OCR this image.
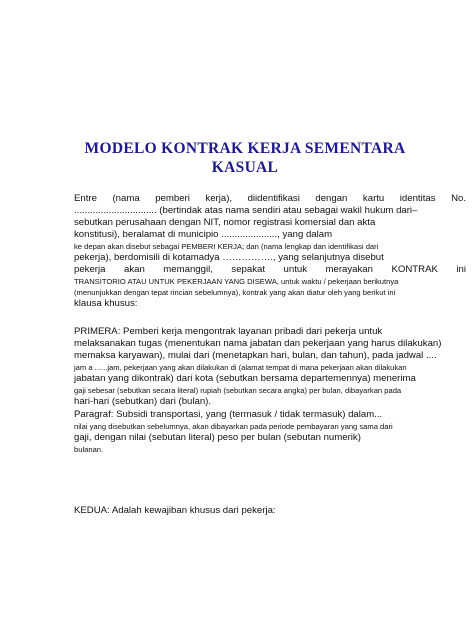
MODELO KONTRAK KERJA SEMENTARA
KASUAL
Entre (nama pemberi kerja), diidentifikasi dengan kartu identitas No.
............................... (bertindak atas nama sendiri atau sebagai wakil hukum dari–
sebutkan perusahaan dengan NIT, nomor registrasi komersial dan akta
konstitusi), beralamat di municipio ....................., yang dalam
ke depan akan disebut sebagai PEMBERI KERJA; dan (nama lengkap dan identifikasi dari
pekerja), berdomisili di kotamadya ……………., yang selanjutnya disebut
pekerja akan memanggil, sepakat untuk merayakan KONTRAK ini
TRANSITORIO ATAU UNTUK PEKERJAAN YANG DISEWA, untuk waktu / pekerjaan berikutnya
(menunjukkan dengan tepat rincian sebelumnya), kontrak yang akan diatur oleh yang berikut ini
klausa khusus:
PRIMERA: Pemberi kerja mengontrak layanan pribadi dari pekerja untuk
melaksanakan tugas (menentukan nama jabatan dan pekerjaan yang harus dilakukan)
memaksa karyawan), mulai dari (menetapkan hari, bulan, dan tahun), pada jadwal ....
jam a ......jam, pekerjaan yang akan dilakukan di (alamat tempat di mana pekerjaan akan dilakukan
jabatan yang dikontrak) dari kota (sebutkan bersama departemennya) menerima
gaji sebesar (sebutkan secara literal) rupiah (sebutkan secara angka) per bulan, dibayarkan pada
hari-hari (sebutkan) dari (bulan).
Paragraf: Subsidi transportasi, yang (termasuk / tidak termasuk) dalam...
nilai yang disebutkan sebelumnya, akan dibayarkan pada periode pembayaran yang sama dari
gaji, dengan nilai (sebutan literal) peso per bulan (sebutan numerik)
bulanan.
KEDUA: Adalah kewajiban khusus dari pekerja:
